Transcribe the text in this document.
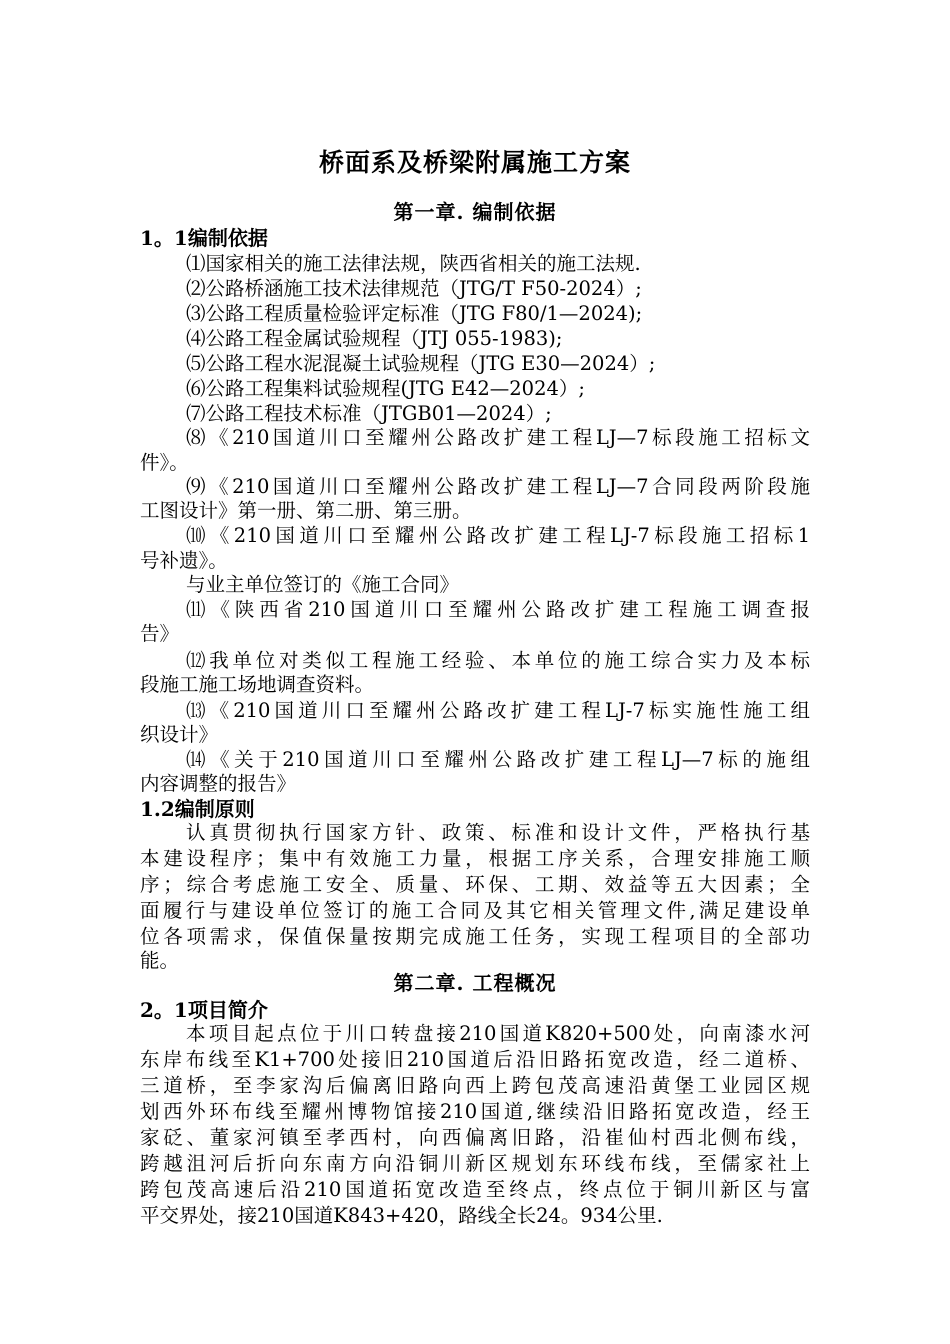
桥面系及桥梁附属施工方案
第一章. 编制依据
1。1编制依据
⑴国家相关的施工法律法规，陕西省相关的施工法规.
⑵公路桥涵施工技术法律规范（JTG/T F50-2024）;
⑶公路工程质量检验评定标准（JTG F80/1—2024);
⑷公路工程金属试验规程（JTJ 055-1983);
⑸公路工程水泥混凝土试验规程（JTG E30—2024）;
⑹公路工程集料试验规程(JTG E42—2024）;
⑺公路工程技术标准（JTGB01—2024）;
⑻《210国道川口至耀州公路改扩建工程LJ—7标段施工招标文
件》。
⑼《210国道川口至耀州公路改扩建工程LJ—7合同段两阶段施
工图设计》第一册、第二册、第三册。
⑽《210国道川口至耀州公路改扩建工程LJ-7标段施工招标1
号补遗》。
与业主单位签订的《施工合同》
⑾《陕西省210国道川口至耀州公路改扩建工程施工调查报
告》
⑿我单位对类似工程施工经验、本单位的施工综合实力及本标
段施工施工场地调查资料。
⒀《210国道川口至耀州公路改扩建工程LJ-7标实施性施工组
织设计》
⒁《关于210国道川口至耀州公路改扩建工程LJ—7标的施组
内容调整的报告》
1.2编制原则
认真贯彻执行国家方针、政策、标准和设计文件，严格执行基
本建设程序；集中有效施工力量，根据工序关系，合理安排施工顺
序；综合考虑施工安全、质量、环保、工期、效益等五大因素；全
面履行与建设单位签订的施工合同及其它相关管理文件,满足建设单
位各项需求，保值保量按期完成施工任务，实现工程项目的全部功
能。
第二章. 工程概况
2。1项目简介
本项目起点位于川口转盘接210国道K820+500处，向南漆水河
东岸布线至K1+700处接旧210国道后沿旧路拓宽改造，经二道桥、
三道桥，至李家沟后偏离旧路向西上跨包茂高速沿黄堡工业园区规
划西外环布线至耀州博物馆接210国道,继续沿旧路拓宽改造，经王
家砭、董家河镇至孝西村，向西偏离旧路，沿崔仙村西北侧布线，
跨越沮河后折向东南方向沿铜川新区规划东环线布线，至儒家社上
跨包茂高速后沿210国道拓宽改造至终点，终点位于铜川新区与富
平交界处，接210国道K843+420，路线全长24。934公里.
